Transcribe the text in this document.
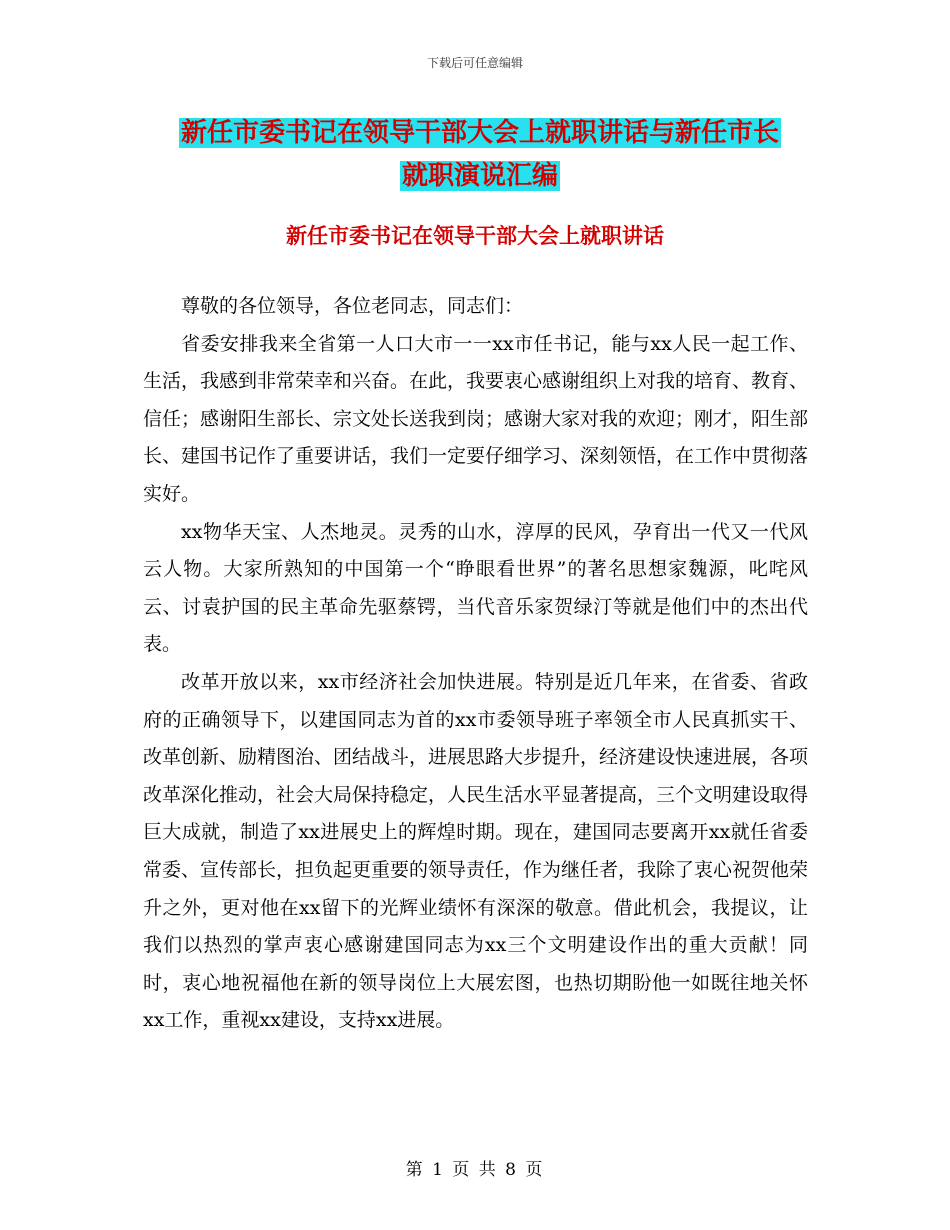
下载后可任意编辑
新任市委书记在领导干部大会上就职讲话与新任市长
就职演说汇编
新任市委书记在领导干部大会上就职讲话

尊敬的各位领导，各位老同志，同志们：

省委安排我来全省第一人口大市一一xx市任书记，能与xx人民一起工作、生活，我感到非常荣幸和兴奋。在此，我要衷心感谢组织上对我的培育、教育、信任；感谢阳生部长、宗文处长送我到岗；感谢大家对我的欢迎；刚才，阳生部长、建国书记作了重要讲话，我们一定要仔细学习、深刻领悟，在工作中贯彻落实好。

xx物华天宝、人杰地灵。灵秀的山水，淳厚的民风，孕育出一代又一代风云人物。大家所熟知的中国第一个“睁眼看世界”的著名思想家魏源，叱咤风云、讨袁护国的民主革命先驱蔡锷，当代音乐家贺绿汀等就是他们中的杰出代表。

改革开放以来，xx市经济社会加快进展。特别是近几年来，在省委、省政府的正确领导下，以建国同志为首的xx市委领导班子率领全市人民真抓实干、改革创新、励精图治、团结战斗，进展思路大步提升，经济建设快速进展，各项改革深化推动，社会大局保持稳定，人民生活水平显著提高，三个文明建设取得巨大成就，制造了xx进展史上的辉煌时期。现在，建国同志要离开xx就任省委常委、宣传部长，担负起更重要的领导责任，作为继任者，我除了衷心祝贺他荣升之外，更对他在xx留下的光辉业绩怀有深深的敬意。借此机会，我提议，让我们以热烈的掌声衷心感谢建国同志为xx三个文明建设作出的重大贡献！同时，衷心地祝福他在新的领导岗位上大展宏图，也热切期盼他一如既往地关怀xx工作，重视xx建设，支持xx进展。

第 1 页 共 8 页
